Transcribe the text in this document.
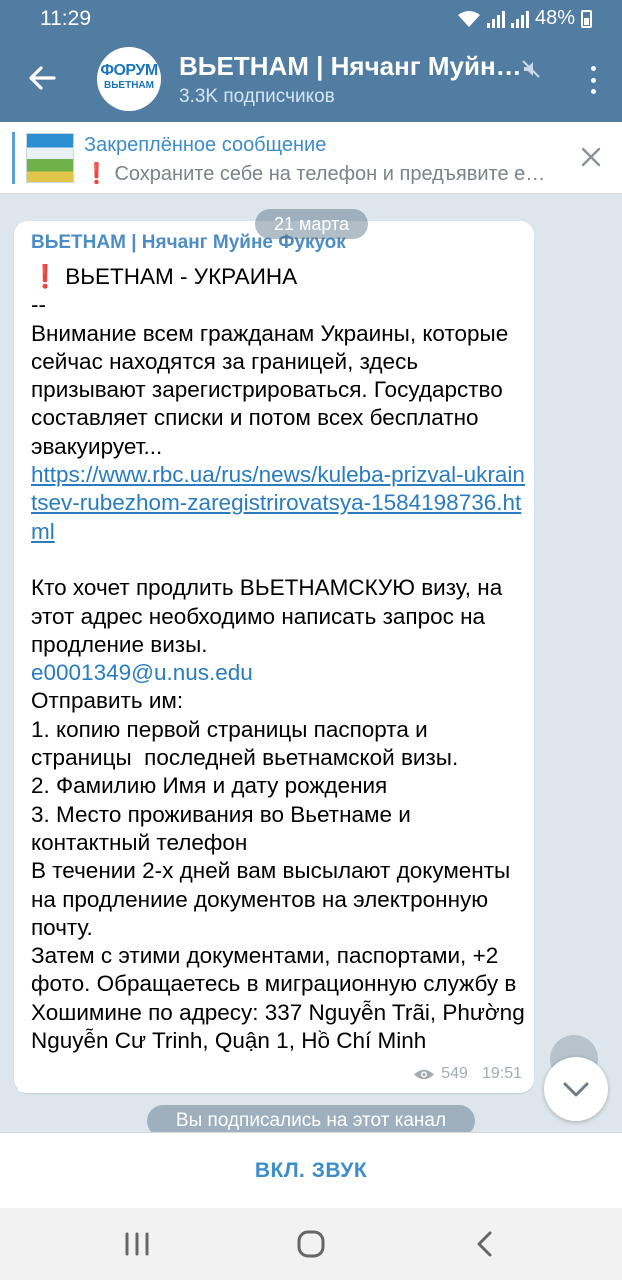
11:29	48%
ФОРУМ
ВЬЕТНАМ
ВЬЕТНАМ | Нячанг Муйн…
3.3K подписчиков
Закреплённое сообщение
❗ Сохраните себе на телефон и предъявите е…
ВЬЕТНАМ | Нячанг Муйне Фукуок
❗ ВЬЕТНАМ - УКРАИНА
--
Внимание всем гражданам Украины, которые сейчас находятся за границей, здесь призывают зарегистрироваться. Государство составляет списки и потом всех бесплатно эвакуирует...
https://www.rbc.ua/rus/news/kuleba-prizval-ukraintsev-rubezhom-zaregistrirovatsya-1584198736.html

Кто хочет продлить ВЬЕТНАМСКУЮ визу, на этот адрес необходимо написать запрос на продление визы.
e0001349@u.nus.edu
Отправить им:
1. копию первой страницы паспорта и страницы  последней вьетнамской визы.
2. Фамилию Имя и дату рождения
3. Место проживания во Вьетнаме и контактный телефон
В течении 2-х дней вам высылают документы на продлениие документов на электронную почту.
Затем с этими документами, паспортами, +2 фото. Обращаетесь в миграционную службу в Хошимине по адресу: 337 Nguyễn Trãi, Phường Nguyễn Cư Trinh, Quận 1, Hồ Chí Minh
549 19:51
21 марта
Вы подписались на этот канал
ВКЛ. ЗВУК
